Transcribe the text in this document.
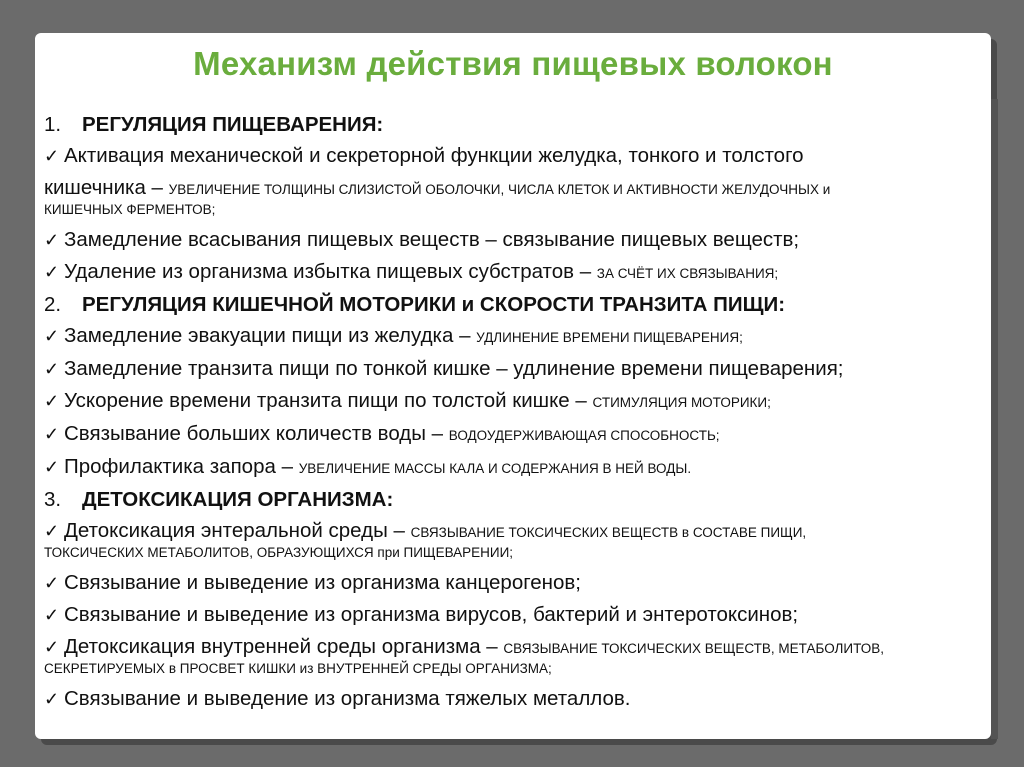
Механизм действия пищевых волокон
1. РЕГУЛЯЦИЯ ПИЩЕВАРЕНИЯ:
✓ Активация механической и секреторной функции желудка, тонкого и толстого
кишечника – УВЕЛИЧЕНИЕ ТОЛЩИНЫ СЛИЗИСТОЙ ОБОЛОЧКИ, ЧИСЛА КЛЕТОК И АКТИВНОСТИ ЖЕЛУДОЧНЫХ и
КИШЕЧНЫХ ФЕРМЕНТОВ;
✓ Замедление всасывания пищевых веществ – связывание пищевых веществ;
✓ Удаление из организма избытка пищевых субстратов – ЗА СЧЁТ ИХ СВЯЗЫВАНИЯ;
2. РЕГУЛЯЦИЯ КИШЕЧНОЙ МОТОРИКИ и СКОРОСТИ ТРАНЗИТА ПИЩИ:
✓ Замедление эвакуации пищи из желудка – УДЛИНЕНИЕ ВРЕМЕНИ ПИЩЕВАРЕНИЯ;
✓ Замедление транзита пищи по тонкой кишке – удлинение времени пищеварения;
✓ Ускорение времени транзита пищи по толстой кишке – СТИМУЛЯЦИЯ МОТОРИКИ;
✓ Связывание больших количеств воды – ВОДОУДЕРЖИВАЮЩАЯ СПОСОБНОСТЬ;
✓ Профилактика запора – УВЕЛИЧЕНИЕ МАССЫ КАЛА И СОДЕРЖАНИЯ В НЕЙ ВОДЫ.
3. ДЕТОКСИКАЦИЯ ОРГАНИЗМА:
✓ Детоксикация энтеральной среды – СВЯЗЫВАНИЕ ТОКСИЧЕСКИХ ВЕЩЕСТВ в СОСТАВЕ ПИЩИ,
ТОКСИЧЕСКИХ МЕТАБОЛИТОВ, ОБРАЗУЮЩИХСЯ при ПИЩЕВАРЕНИИ;
✓ Связывание и выведение из организма канцерогенов;
✓ Связывание и выведение из организма вирусов, бактерий и энтеротоксинов;
✓ Детоксикация внутренней среды организма – СВЯЗЫВАНИЕ ТОКСИЧЕСКИХ ВЕЩЕСТВ, МЕТАБОЛИТОВ,
СЕКРЕТИРУЕМЫХ в ПРОСВЕТ КИШКИ из ВНУТРЕННЕЙ СРЕДЫ ОРГАНИЗМА;
✓ Связывание и выведение из организма тяжелых металлов.
